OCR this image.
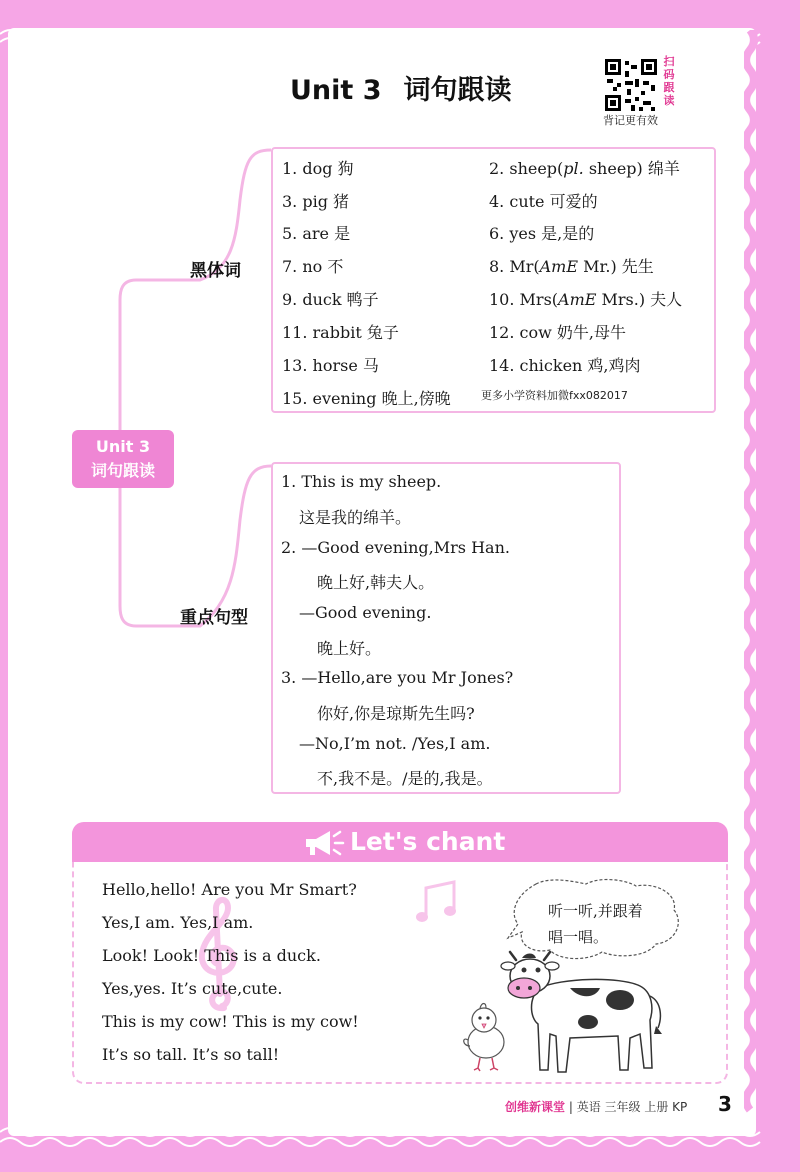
Unit 3 词句跟读
扫码跟读
背记更有效
黑体词
重点句型
Unit 3
词句跟读
1. dog 狗	2. sheep(pl. sheep) 绵羊
3. pig 猪	4. cute 可爱的
5. are 是	6. yes 是,是的
7. no 不	8. Mr(AmE Mr.) 先生
9. duck 鸭子	10. Mrs(AmE Mrs.) 夫人
11. rabbit 兔子	12. cow 奶牛,母牛
13. horse 马	14. chicken 鸡,鸡肉
15. evening 晚上,傍晚	更多小学资料加微fxx082017
1. This is my sheep.
这是我的绵羊。
2. —Good evening,Mrs Han.
晚上好,韩夫人。
—Good evening.
晚上好。
3. —Hello,are you Mr Jones?
你好,你是琼斯先生吗?
—No,I’m not. /Yes,I am.
不,我不是。/是的,我是。
Let's chant
Hello,hello! Are you Mr Smart?
Yes,I am. Yes,I am.
Look! Look! This is a duck.
Yes,yes. It’s cute,cute.
This is my cow! This is my cow!
It’s so tall. It’s so tall!
听一听,并跟着
唱一唱。
创维新课堂 | 英语 三年级 上册 KP 3
